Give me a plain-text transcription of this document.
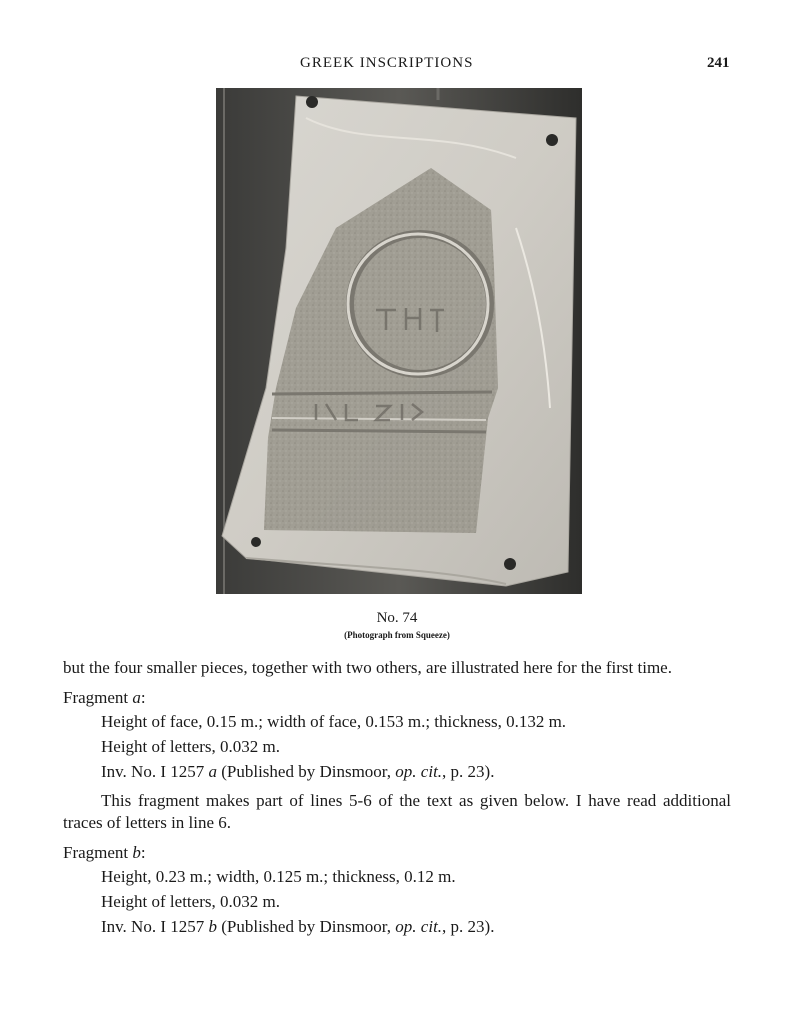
GREEK INSCRIPTIONS	241
No. 74
(Photograph from Squeeze)

but the four smaller pieces, together with two others, are illustrated here for the first time.

Fragment a:

Height of face, 0.15 m.; width of face, 0.153 m.; thickness, 0.132 m.

Height of letters, 0.032 m.

Inv. No. I 1257 a (Published by Dinsmoor, op. cit., p. 23).

This fragment makes part of lines 5-6 of the text as given below. I have read additional traces of letters in line 6.

Fragment b:

Height, 0.23 m.; width, 0.125 m.; thickness, 0.12 m.

Height of letters, 0.032 m.

Inv. No. I 1257 b (Published by Dinsmoor, op. cit., p. 23).
